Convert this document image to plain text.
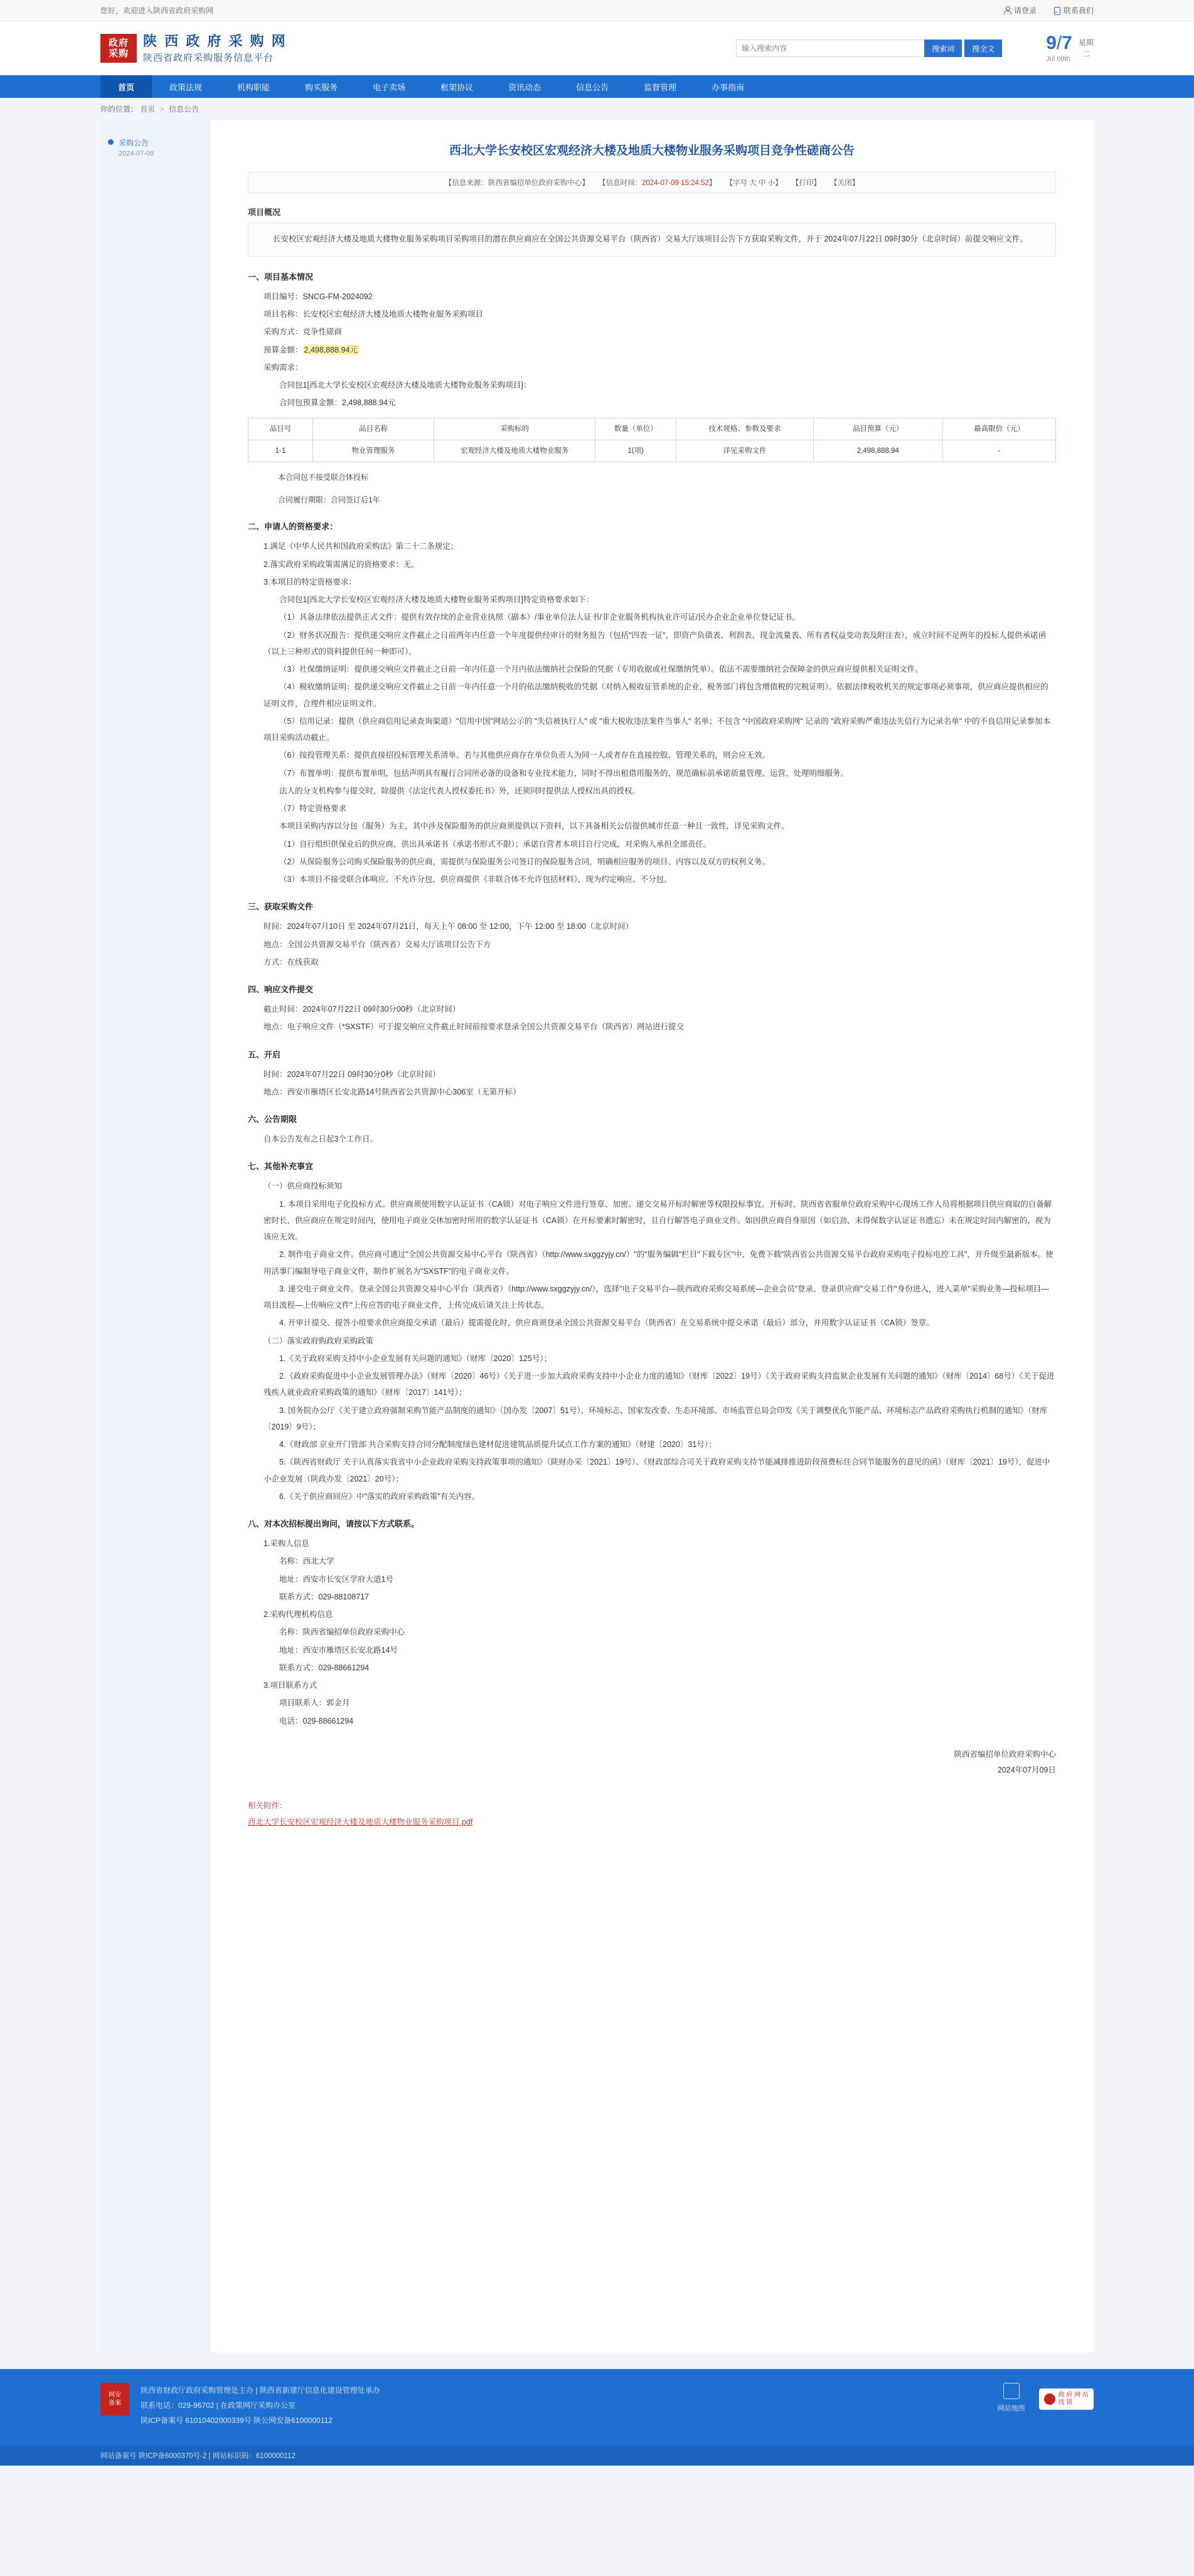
您好，欢迎进入陕西省政府采购网	请登录	联系我们
政府
采购
陕 西 政 府 采 购 网
陕西省政府采购服务信息平台
输入搜索内容
搜索词	搜全文	9/7
Jul 09th
星期
二
首页	政策法规	机构职能	购买服务	电子卖场	框架协议	资讯动态	信息公告	监督管理	办事指南
你的位置： 首页 > 信息公告
采购公告
2024-07-09	西北大学长安校区宏观经济大楼及地质大楼物业服务采购项目竞争性磋商公告
【信息来源：陕西省编招单位政府采购中心】 【信息时间：2024-07-09 15:24:52】 【字号 大 中 小】 【打印】 【关闭】
项目概况

长安校区宏观经济大楼及地质大楼物业服务采购项目采购项目的潜在供应商应在全国公共资源交易平台（陕西省）交易大厅该项目公告下方获取采购文件，并于 2024年07月22日 09时30分（北京时间）前提交响应文件。

一、项目基本情况

项目编号：SNCG-FM-2024092

项目名称：长安校区宏观经济大楼及地质大楼物业服务采购项目

采购方式：竞争性磋商

预算金额： 2,498,888.94元

采购需求：

合同包1[西北大学长安校区宏观经济大楼及地质大楼物业服务采购项目]：

合同包预算金额：2,498,888.94元

品目号	品目名称	采购标的	数量（单位）	技术规格、参数及要求	品目预算（元）	最高限价（元）
1-1	物业管理服务	宏观经济大楼及地质大楼物业服务	1(项)	详见采购文件	2,498,888.94	-

本合同包不接受联合体投标

合同履行期限：合同签订后1年

二、申请人的资格要求：

1.满足《中华人民共和国政府采购法》第二十二条规定；

2.落实政府采购政策需满足的资格要求：无。

3.本项目的特定资格要求：

合同包1[西北大学长安校区宏观经济大楼及地质大楼物业服务采购项目]特定资格要求如下：

（1）具备法律依法提供正式文件：提供有效存续的企业营业执照（副本）/事业单位法人证书/非企业服务机构执业许可证/民办企业企业单位登记证书。

（2）财务状况报告：提供递交响应文件截止之日前两年内任意一个年度提供经审计的财务报告（包括"四表一证"，即资产负债表、利润表、现金流量表、所有者权益变动表及附注表），成立时间不足两年的投标人提供承诺函（以上三种形式的资料提供任何一种即可）。

（3）社保缴纳证明：提供递交响应文件截止之日前一年内任意一个月内依法缴纳社会保险的凭据（专用收据或社保缴纳凭单）。依法不需要缴纳社会保障金的供应商应提供相关证明文件。

（4）税收缴纳证明：提供递交响应文件截止之日前一年内任意一个月的依法缴纳税收的凭据（对纳入税收征管系统的企业，税务部门将包含增值税的完税证明）。依据法律税收机关的规定事项必须事项，供应商应提供相应的证明文件，合理件相应证明文件。

（5）信用记录：提供（供应商信用记录查询渠道）"信用中国"网站公示的 "失信被执行人" 或 "重大税收违法案件当事人" 名单；不包含 "中国政府采购网" 记录的 "政府采购严重违法失信行为记录名单" 中的不良信用记录参加本项目采购活动截止。

（6）按投管理关系：提供直接招投标管理关系清单。若与其他供应商存在单位负责人为同一人或者存在直接控股、管理关系的，则会应无效。

（7）布置单明：提供布置单明，包括声明具有履行合同所必备的设备和专业技术能力，同时不得出租借用服务的，规范确标前承诺质量管理、运营、处理明细服务。

法人的分支机构参与提交时，除提供《法定代表人授权委托书》外，还须同时提供法人授权出具的授权。

（7）特定资格要求

本项目采购内容以分包（服务）为主，其中涉及保险服务的供应商须提供以下资料，以下具备相关公信提供城市任意一种且一致性，详见采购文件。

（1）自行组织供保业后的供应商，供出具承诺书（承诺书形式不限）；承诺自营者本项目自行完成，对采购人承担全部责任。

（2）从保险服务公司购买保险服务的供应商，需提供与保险服务公司签订的保险服务合同，明确相应服务的项目、内容以及双方的权利义务。

（3）本项目不接受联合体响应、不允许分包，供应商提供《非联合体不允许包括材料》，现为约定响应、不分包。

三、获取采购文件

时间：2024年07月10日 至 2024年07月21日，每天上午 08:00 至 12:00，下午 12:00 至 18:00（北京时间）

地点：全国公共资源交易平台（陕西省）交易大厅该项目公告下方

方式：在线获取

四、响应文件提交

截止时间：2024年07月22日 09时30分00秒（北京时间）

地点：电子响应文件（*SXSTF）可于提交响应文件截止时间前按要求登录全国公共资源交易平台（陕西省）网站进行提交

五、开启

时间：2024年07月22日 09时30分0秒（北京时间）

地点：西安市雁塔区长安北路14号陕西省公共资源中心306室（无第开标）

六、公告期限

自本公告发布之日起3个工作日。

七、其他补充事宜

（一）供应商投标须知

1. 本项目采用电子化投标方式。供应商须使用数字认证证书（CA锁）对电子响应文件进行签章、加密。递交交易开标时解密等权限投标事宜。开标时，陕西省省服单位政府采购中心现场工作人员将根据项目供应商取的自备解密时长，供应商应在规定时间内，使用电子商业交休加密时所用的数字认证证书（CA锁）在开标要素时解密时，且自行解答电子商业文件。如因供应商自身原因（如启劲、未得保数字认证证书遗忘）未在规定时间内解密的，视为该应无效。

2. 制作电子商业文件。供应商可通过"全国公共资源交易中心平台（陕西省）（http://www.sxggzyjy.cn/）"的"服务编辑"栏目"下载专区"中，免费下载"陕西省公共资源交易平台政府采购电子投标电控工具"，并升级至最新版本。使用活事门编制导电子商业文件，制作扩展名为"SXSTF"的电子商业文件。

3. 递交电子商业文件。登录全国公共资源交易中心平台（陕西省）（http://www.sxggzyjy.cn/），选择"电子交易平台—陕西政府采购交易系统—企业会员"登录、登录供应商"交易工作"身份进入，进入菜单"采购业务—投标项目—项目流程—上传响应文件"上传应答的电子商业文件，上传完成后请关注上传状态。

4. 开审计提交、提答小组要求供应商提交承诺（最后）提需提化时，供应商须登录全国公共资源交易平台（陕西省）在交易系统中提交承诺（最后）部分，并用数字认证证书（CA锁）签章。

（二）落实政府购政府采购政策

1.《关于政府采购支持中小企业发展有关问题的通知》（财库〔2020〕125号）；

2.《政府采购促进中小企业发展管理办法》（财库〔2020〕46号）《关于进一步加大政府采购支持中小企业力度的通知》（财库〔2022〕19号）《关于政府采购支持监狱企业发展有关问题的通知》（财库〔2014〕68号）《关于促进残疾人就业政府采购政策的通知》（财库〔2017〕141号）；

3. 国务院办公厅《关于建立政府强制采购节能产品制度的通知》（国办发〔2007〕51号）、环境标志、国家发改委、生态环境部、市场监管总局会印发《关于调整优化节能产品、环境标志产品政府采购执行机制的通知》（财库〔2019〕9号）；

4.《财政部 京业开门管部 共合采购支持合同分配制度绿色建材促进建筑品质提升试点工作方案的通知》（财建〔2020〕31号）；

5.《陕西省财政厅 关于认真落实我省中小企业政府采购支持政策事项的通知》（陕财办采〔2021〕19号）、《财政部综合司关于政府采购支持节能减排推进阶段预费标住合同节能服务的意见的函》（财库〔2021〕19号），促进中小企业发展（陕政办发〔2021〕20号）；

6.《关于供应商回应》中"落实的政府采购政策"有关内容。

八、对本次招标提出询问，请按以下方式联系。

1.采购人信息

名称：西北大学

地址：西安市长安区学府大道1号

联系方式：029-88108717

2.采购代理机构信息

名称：陕西省编招单位政府采购中心

地址：西安市雁塔区长安北路14号

联系方式：029-88661294

3.项目联系方式

项目联系人：郭金月

电话：029-88661294

陕西省编招单位政府采购中心
2024年07月09日
相关附件：
西北大学长安校区宏观经济大楼及地质大楼物业服务采购项目.pdf
网安
备案
陕西省财政厅政府采购管理处主办 | 陕西省新建厅信息化建设管理处承办
联系电话：029-96702 | 在政策网厅采购办公室
陕ICP备案号 61010402000339号 陕公网安备6100000112
网站地图
政 府 网 站
找 错
网站备案号 陕ICP备6000370号-2 | 网站标识码：6100000112
